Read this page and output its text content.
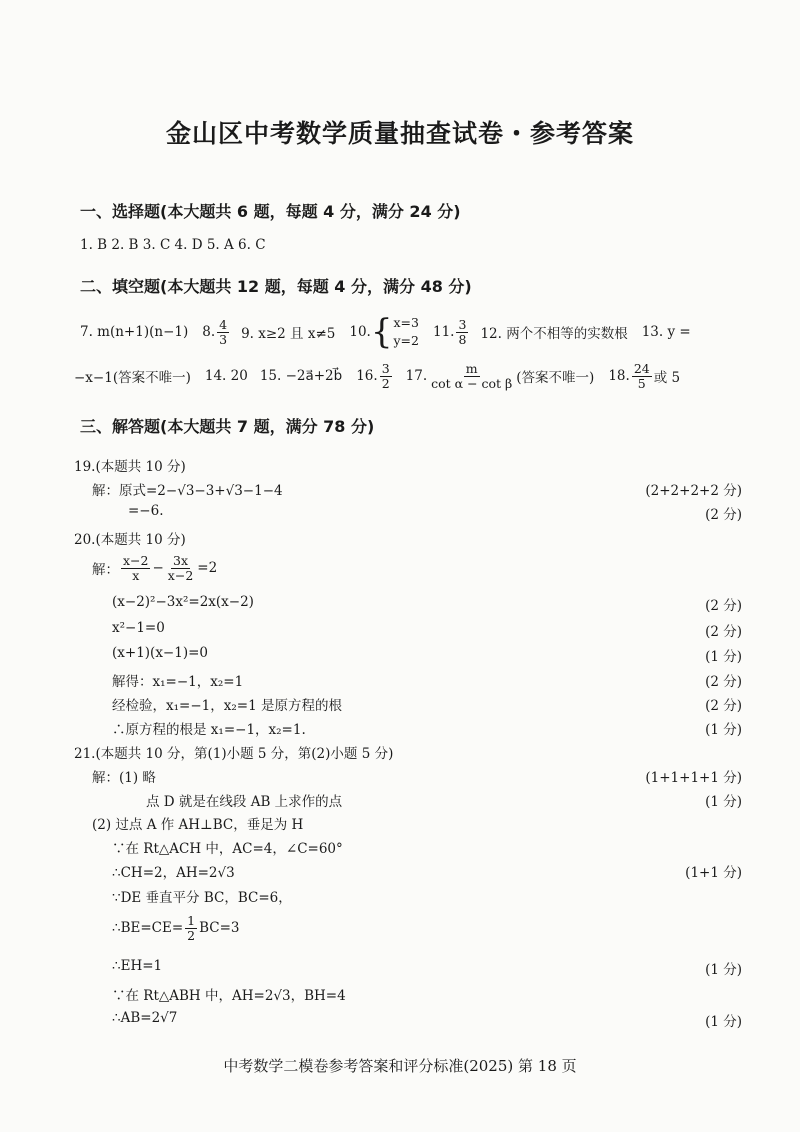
金山区中考数学质量抽查试卷・参考答案
一、选择题(本大题共 6 题，每题 4 分，满分 24 分)
1. B 2. B 3. C 4. D 5. A 6. C
二、填空题(本大题共 12 题，每题 4 分，满分 48 分)
7. m(n+1)(n−1) 8. $\frac{4}{3} 9$. x≥2 且 x≠5 10. { x=3
y=2
11. $\frac{3}{8} 12$. 两个不相等的实数根 13. y =
−x−1(答案不唯一) 14. 20 15. −2a⃗+2b⃗ 16. $\frac{3}{2} 17$. $\frac{m}{\text{cot α − cot β}}$ (答案不唯一) 18. $\frac{24}{5}$ 或 5
三、解答题(本大题共 7 题，满分 78 分)
19.(本题共 10 分)
解：原式=2−√3−3+√3−1−4	(2+2+2+2 分)
=−6.	(2 分)
20.(本题共 10 分)
解： $\frac{x-2}{x} - \frac{3x}{x-2} =2$
(x−2)²−3x²=2x(x−2)	(2 分)
x²−1=0	(2 分)
(x+1)(x−1)=0	(1 分)
解得：x₁=−1，x₂=1	(2 分)
经检验，x₁=−1，x₂=1 是原方程的根	(2 分)
∴原方程的根是 x₁=−1，x₂=1.	(1 分)
21.(本题共 10 分，第(1)小题 5 分，第(2)小题 5 分)
解：(1) 略	(1+1+1+1 分)
点 D 就是在线段 AB 上求作的点	(1 分)
(2) 过点 A 作 AH⊥BC，垂足为 H
∵在 Rt△ACH 中，AC=4，∠C=60°
∴CH=2，AH=2√3	(1+1 分)
∵DE 垂直平分 BC，BC=6，
∴BE=CE= $\frac{1}{2} BC=3$
∴EH=1	(1 分)
∵在 Rt△ABH 中，AH=2√3，BH=4
∴AB=2√7	(1 分)
中考数学二模卷参考答案和评分标准(2025) 第 18 页
